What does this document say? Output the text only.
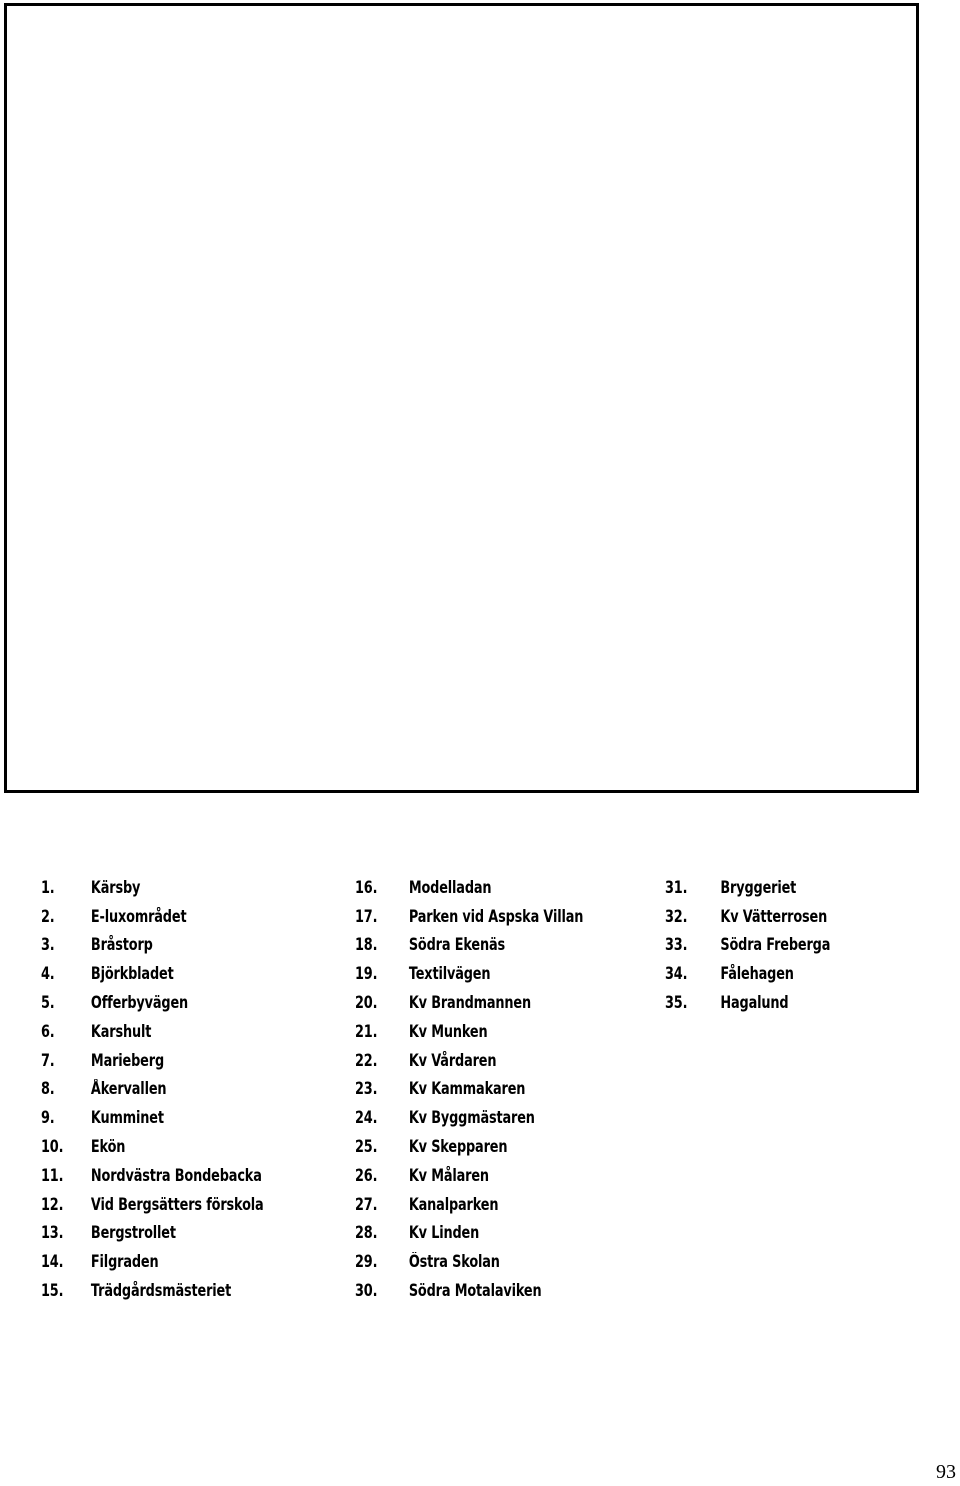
1.	Kärsby
2.	E-luxområdet
3.	Bråstorp
4.	Björkbladet
5.	Offerbyvägen
6.	Karshult
7.	Marieberg
8.	Åkervallen
9.	Kumminet
10.	Ekön
11.	Nordvästra Bondebacka
12.	Vid Bergsätters förskola
13.	Bergstrollet
14.	Filgraden
15.	Trädgårdsmästeriet
16.	Modelladan
17.	Parken vid Aspska Villan
18.	Södra Ekenäs
19.	Textilvägen
20.	Kv Brandmannen
21.	Kv Munken
22.	Kv Vårdaren
23.	Kv Kammakaren
24.	Kv Byggmästaren
25.	Kv Skepparen
26.	Kv Målaren
27.	Kanalparken
28.	Kv Linden
29.	Östra Skolan
30.	Södra Motalaviken
31.	Bryggeriet
32.	Kv Vätterrosen
33.	Södra Freberga
34.	Fålehagen
35.	Hagalund
93
